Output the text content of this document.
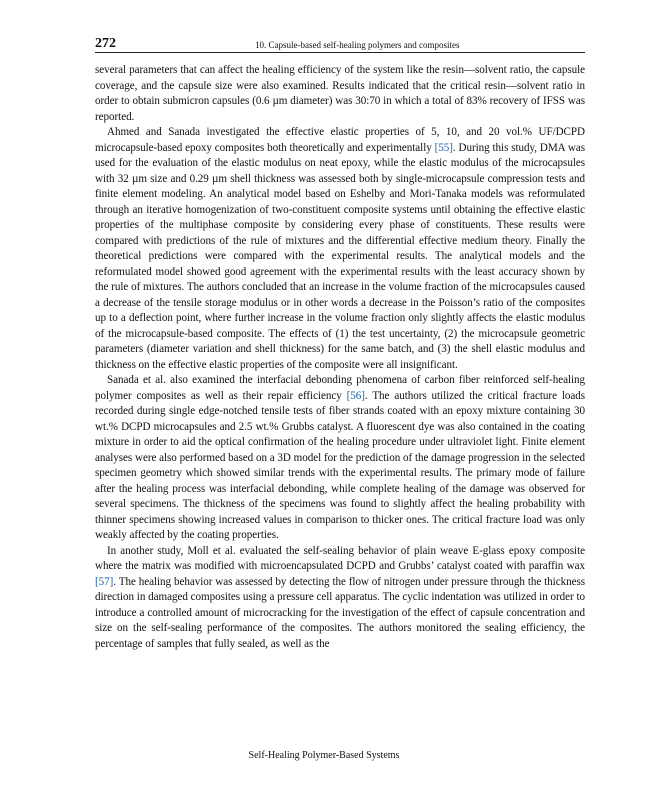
272	10. Capsule-based self-healing polymers and composites

several parameters that can affect the healing efficiency of the system like the resin—solvent ratio, the capsule coverage, and the capsule size were also examined. Results indicated that the critical resin—solvent ratio in order to obtain submicron capsules (0.6 µm diameter) was 30:70 in which a total of 83% recovery of IFSS was reported.

Ahmed and Sanada investigated the effective elastic properties of 5, 10, and 20 vol.% UF/DCPD microcapsule-based epoxy composites both theoretically and experimentally [55]. During this study, DMA was used for the evaluation of the elastic modulus on neat epoxy, while the elastic modulus of the microcapsules with 32 µm size and 0.29 µm shell thickness was assessed both by single-microcapsule compression tests and finite element modeling. An analytical model based on Eshelby and Mori-Tanaka models was reformulated through an iterative homogenization of two-constituent composite systems until obtaining the effective elastic properties of the multiphase composite by considering every phase of constituents. These results were compared with predictions of the rule of mixtures and the differential effective medium theory. Finally the theoretical predictions were compared with the experimental results. The analytical models and the reformulated model showed good agreement with the experimental results with the least accuracy shown by the rule of mixtures. The authors concluded that an increase in the volume fraction of the microcapsules caused a decrease of the tensile storage modulus or in other words a decrease in the Poisson’s ratio of the composites up to a deflection point, where further increase in the volume fraction only slightly affects the elastic modulus of the microcapsule-based composite. The effects of (1) the test uncertainty, (2) the microcapsule geometric parameters (diameter variation and shell thickness) for the same batch, and (3) the shell elastic modulus and thickness on the effective elastic properties of the composite were all insignificant.

Sanada et al. also examined the interfacial debonding phenomena of carbon fiber reinforced self-healing polymer composites as well as their repair efficiency [56]. The authors utilized the critical fracture loads recorded during single edge-notched tensile tests of fiber strands coated with an epoxy mixture containing 30 wt.% DCPD microcapsules and 2.5 wt.% Grubbs catalyst. A fluorescent dye was also contained in the coating mixture in order to aid the optical confirmation of the healing procedure under ultraviolet light. Finite element analyses were also performed based on a 3D model for the prediction of the damage progression in the selected specimen geometry which showed similar trends with the experimental results. The primary mode of failure after the healing process was interfacial debonding, while complete healing of the damage was observed for several specimens. The thickness of the specimens was found to slightly affect the healing probability with thinner specimens showing increased values in comparison to thicker ones. The critical fracture load was only weakly affected by the coating properties.

In another study, Moll et al. evaluated the self-sealing behavior of plain weave E-glass epoxy composite where the matrix was modified with microencapsulated DCPD and Grubbs’ catalyst coated with paraffin wax [57]. The healing behavior was assessed by detecting the flow of nitrogen under pressure through the thickness direction in damaged composites using a pressure cell apparatus. The cyclic indentation was utilized in order to introduce a controlled amount of microcracking for the investigation of the effect of capsule concentration and size on the self-sealing performance of the composites. The authors monitored the sealing efficiency, the percentage of samples that fully sealed, as well as the

Self-Healing Polymer-Based Systems
